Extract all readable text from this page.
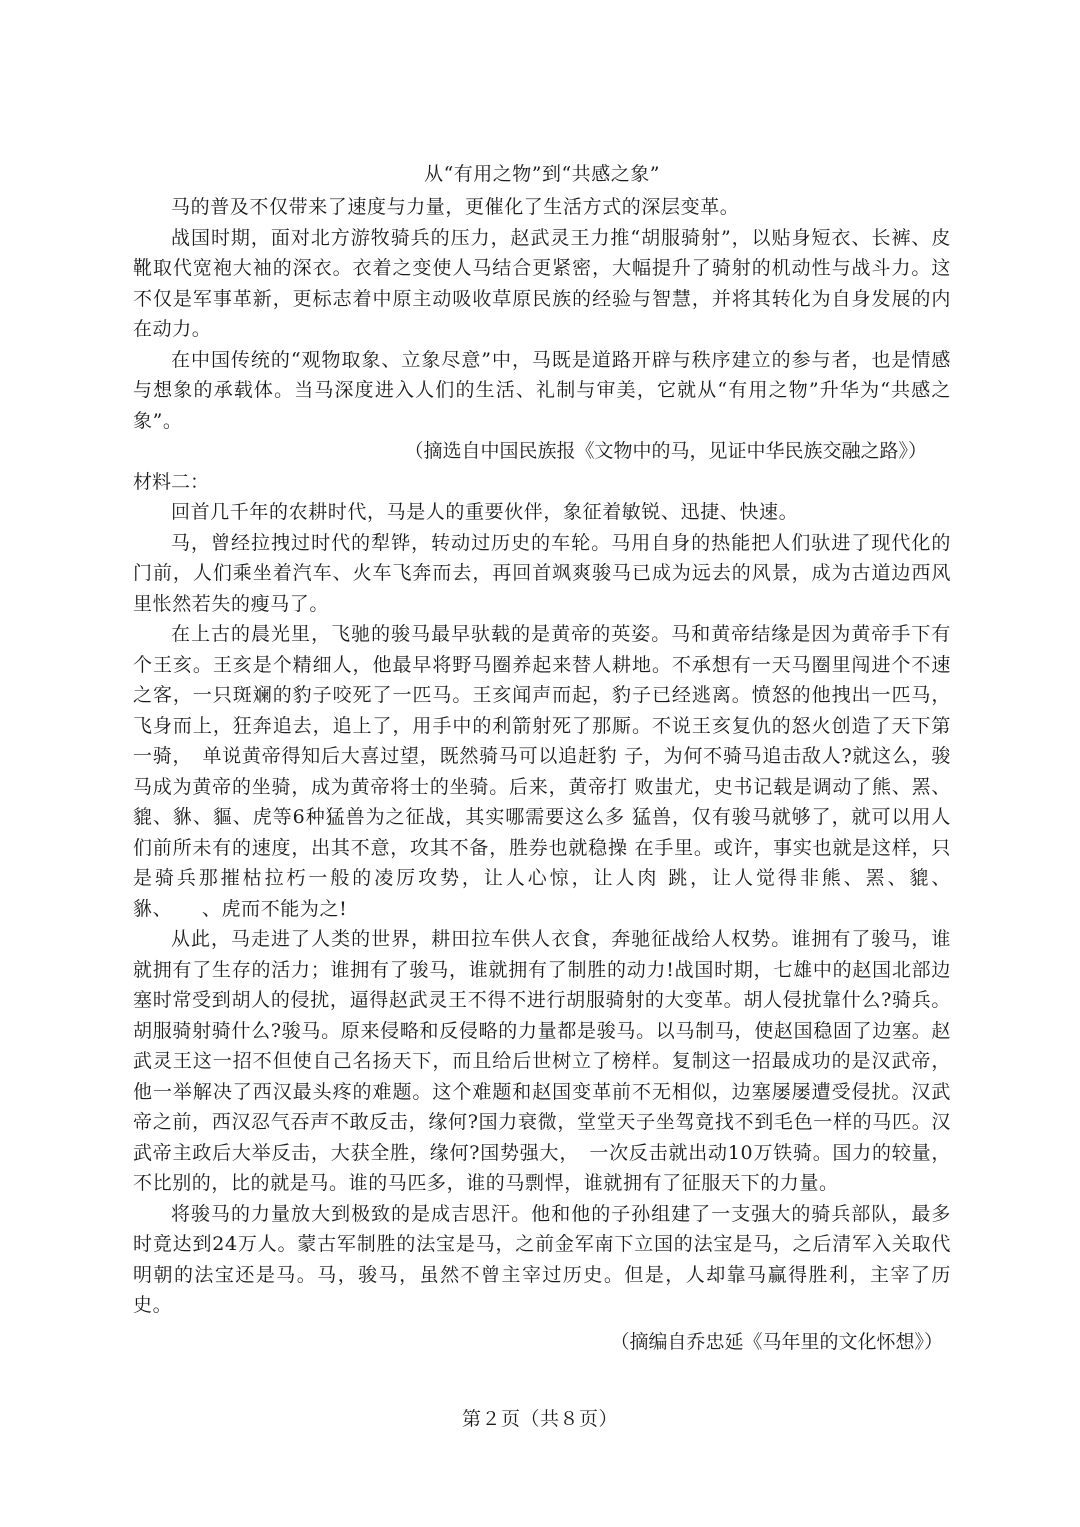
从“有用之物”到“共感之象”

马的普及不仅带来了速度与力量，更催化了生活方式的深层变革。

战国时期，面对北方游牧骑兵的压力，赵武灵王力推“胡服骑射”，以贴身短衣、长裤、皮靴取代宽袍大袖的深衣。衣着之变使人马结合更紧密，大幅提升了骑射的机动性与战斗力。这不仅是军事革新，更标志着中原主动吸收草原民族的经验与智慧，并将其转化为自身发展的内在动力。

在中国传统的“观物取象、立象尽意”中，马既是道路开辟与秩序建立的参与者，也是情感与想象的承载体。当马深度进入人们的生活、礼制与审美，它就从“有用之物”升华为“共感之象”。

（摘选自中国民族报《文物中的马，见证中华民族交融之路》）

材料二：

回首几千年的农耕时代，马是人的重要伙伴，象征着敏锐、迅捷、快速。

马，曾经拉拽过时代的犁铧，转动过历史的车轮。马用自身的热能把人们驮进了现代化的门前，人们乘坐着汽车、火车飞奔而去，再回首飒爽骏马已成为远去的风景，成为古道边西风里怅然若失的瘦马了。

在上古的晨光里，飞驰的骏马最早驮载的是黄帝的英姿。马和黄帝结缘是因为黄帝手下有个王亥。王亥是个精细人，他最早将野马圈养起来替人耕地。不承想有一天马圈里闯进个不速之客，一只斑斓的豹子咬死了一匹马。王亥闻声而起，豹子已经逃离。愤怒的他拽出一匹马，飞身而上，狂奔追去，追上了，用手中的利箭射死了那厮。不说王亥复仇的怒火创造了天下第一骑，　单说黄帝得知后大喜过望，既然骑马可以追赶豹 子，为何不骑马追击敌人?就这么，骏马成为黄帝的坐骑，成为黄帝将士的坐骑。后来，黄帝打 败蚩尤，史书记载是调动了熊、罴、貔、貅、貙、虎等6种猛兽为之征战，其实哪需要这么多 猛兽，仅有骏马就够了，就可以用人们前所未有的速度，出其不意，攻其不备，胜券也就稳操 在手里。或许，事实也就是这样，只是骑兵那摧枯拉朽一般的凌厉攻势，让人心惊，让人肉 跳，让人觉得非熊、罴、貔、貅、　　、虎而不能为之!

从此，马走进了人类的世界，耕田拉车供人衣食，奔驰征战给人权势。谁拥有了骏马，谁就拥有了生存的活力；谁拥有了骏马，谁就拥有了制胜的动力!战国时期，七雄中的赵国北部边塞时常受到胡人的侵扰，逼得赵武灵王不得不进行胡服骑射的大变革。胡人侵扰靠什么?骑兵。胡服骑射骑什么?骏马。原来侵略和反侵略的力量都是骏马。以马制马，使赵国稳固了边塞。赵武灵王这一招不但使自己名扬天下，而且给后世树立了榜样。复制这一招最成功的是汉武帝，他一举解决了西汉最头疼的难题。这个难题和赵国变革前不无相似，边塞屡屡遭受侵扰。汉武帝之前，西汉忍气吞声不敢反击，缘何?国力衰微，堂堂天子坐驾竟找不到毛色一样的马匹。汉武帝主政后大举反击，大获全胜，缘何?国势强大，　一次反击就出动10万铁骑。国力的较量，不比别的，比的就是马。谁的马匹多，谁的马剽悍，谁就拥有了征服天下的力量。

将骏马的力量放大到极致的是成吉思汗。他和他的子孙组建了一支强大的骑兵部队，最多时竟达到24万人。蒙古军制胜的法宝是马，之前金军南下立国的法宝是马，之后清军入关取代明朝的法宝还是马。马，骏马，虽然不曾主宰过历史。但是，人却靠马赢得胜利，主宰了历史。

（摘编自乔忠延《马年里的文化怀想》）

第２页（共８页）
